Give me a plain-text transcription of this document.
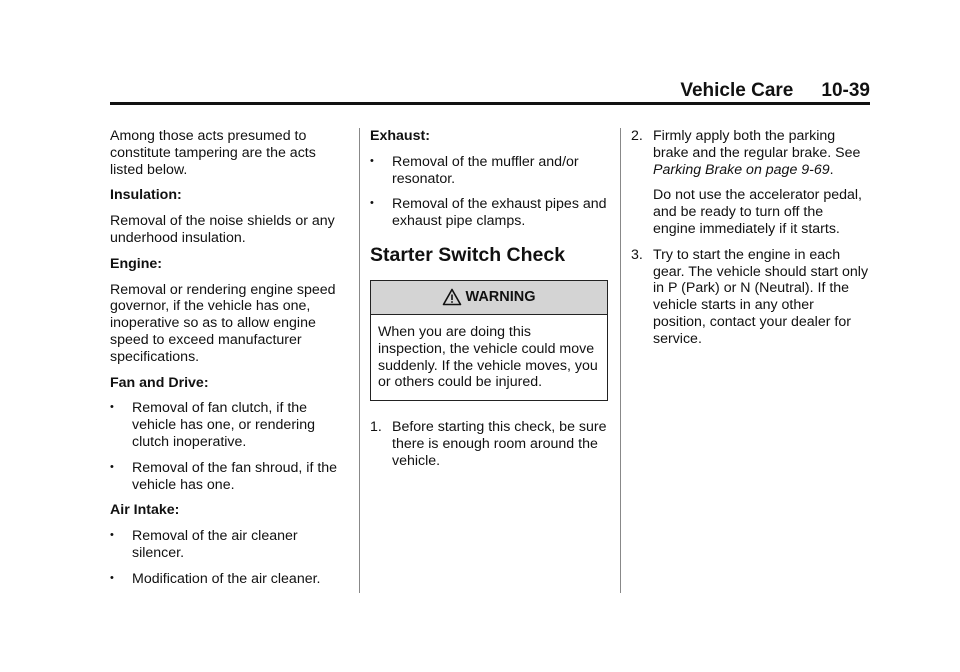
Vehicle Care 10-39

Among those acts presumed to constitute tampering are the acts listed below.

Insulation:

Removal of the noise shields or any underhood insulation.

Engine:

Removal or rendering engine speed governor, if the vehicle has one, inoperative so as to allow engine speed to exceed manufacturer specifications.

Fan and Drive:

•	Removal of fan clutch, if the vehicle has one, or rendering clutch inoperative.
•	Removal of the fan shroud, if the vehicle has one.

Air Intake:

•	Removal of the air cleaner silencer.
•	Modification of the air cleaner.

Exhaust:

•	Removal of the muffler and/or resonator.
•	Removal of the exhaust pipes and exhaust pipe clamps.
Starter Switch Check
WARNING
When you are doing this inspection, the vehicle could move suddenly. If the vehicle moves, you or others could be injured.
1. Before starting this check, be sure there is enough room around the vehicle.
2. Firmly apply both the parking brake and the regular brake. See Parking Brake on page 9-69.

Do not use the accelerator pedal, and be ready to turn off the engine immediately if it starts.

3. Try to start the engine in each gear. The vehicle should start only in P (Park) or N (Neutral). If the vehicle starts in any other position, contact your dealer for service.
